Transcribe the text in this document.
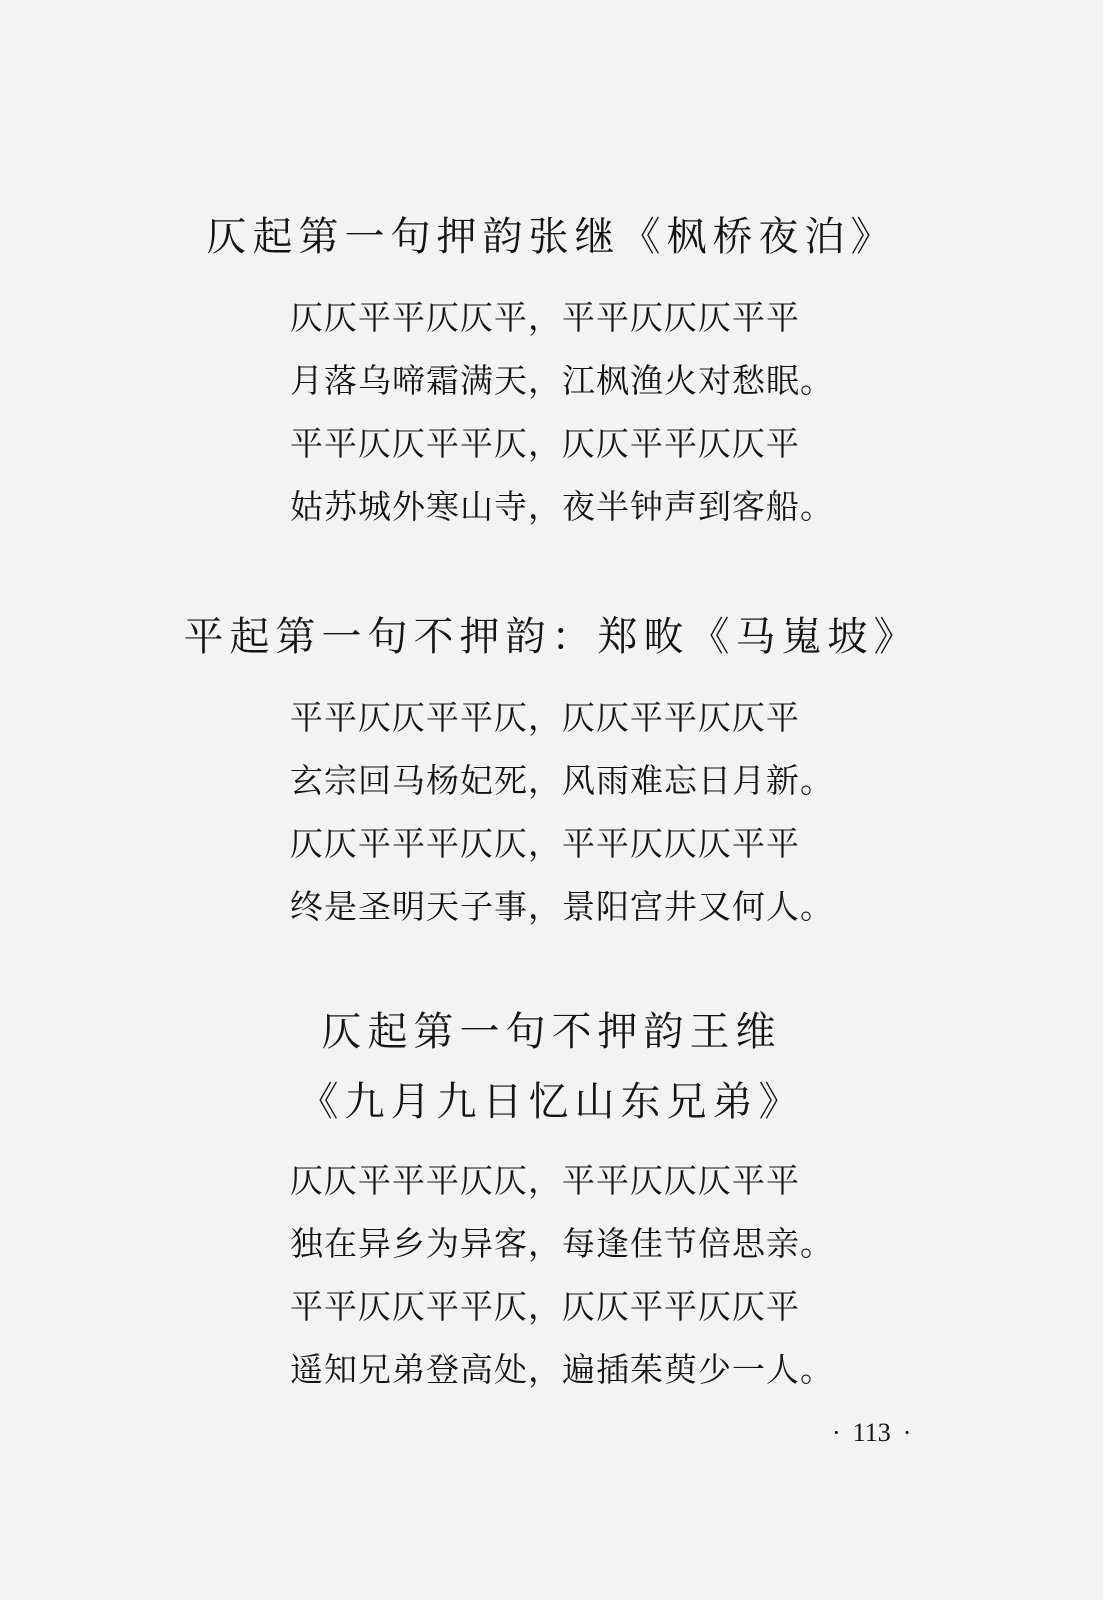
仄起第一句押韵张继《枫桥夜泊》
仄仄平平仄仄平，平平仄仄仄平平
月落乌啼霜满天，江枫渔火对愁眠。
平平仄仄平平仄，仄仄平平仄仄平
姑苏城外寒山寺，夜半钟声到客船。
平起第一句不押韵：郑畋《马嵬坡》
平平仄仄平平仄，仄仄平平仄仄平
玄宗回马杨妃死，风雨难忘日月新。
仄仄平平平仄仄，平平仄仄仄平平
终是圣明天子事，景阳宫井又何人。
仄起第一句不押韵王维
《九月九日忆山东兄弟》
仄仄平平平仄仄，平平仄仄仄平平
独在异乡为异客，每逢佳节倍思亲。
平平仄仄平平仄，仄仄平平仄仄平
遥知兄弟登高处，遍插茱萸少一人。
· 113 ·
